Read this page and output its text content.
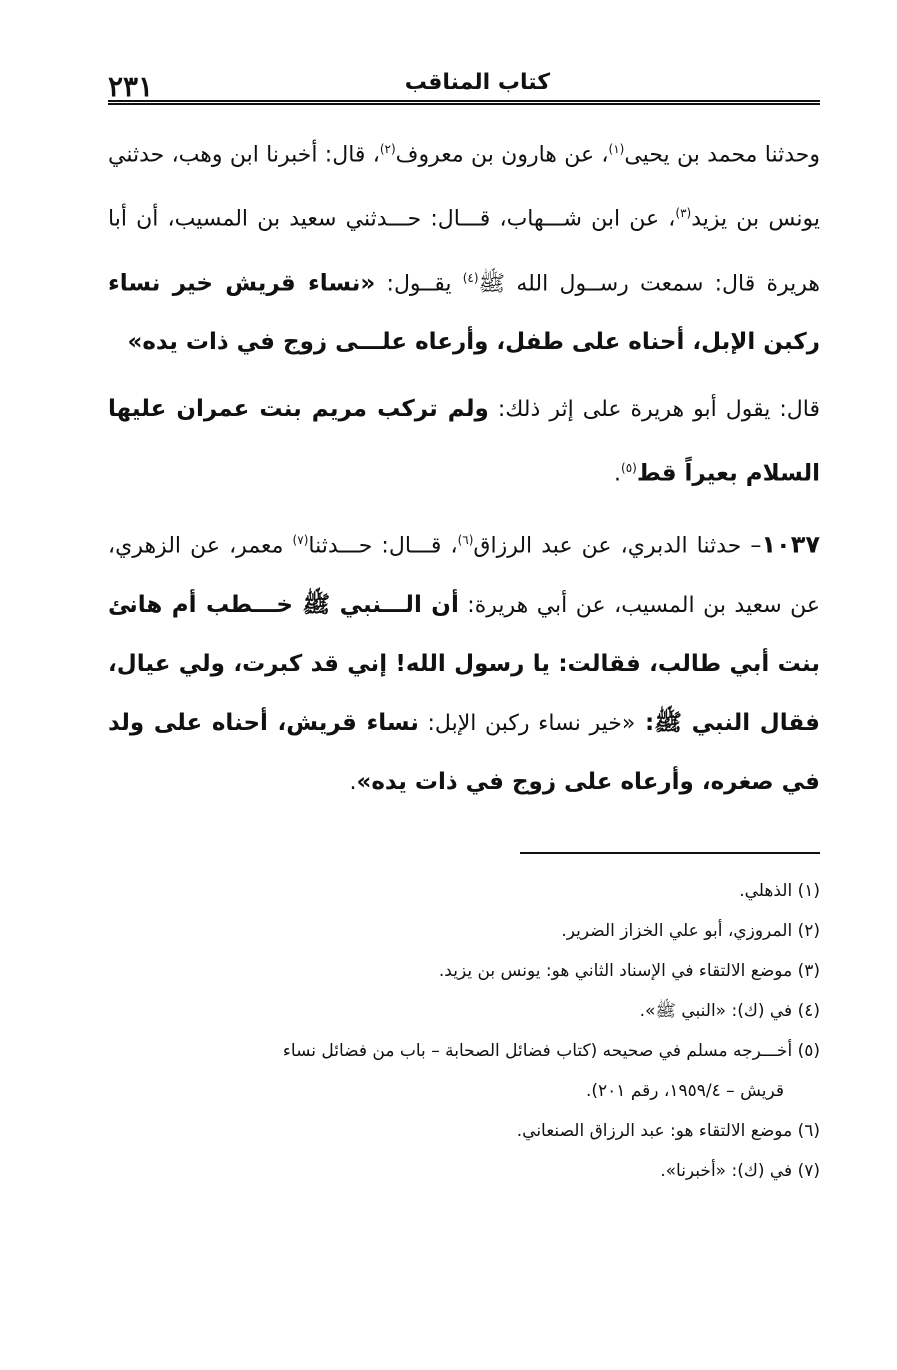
٢٣١	كتاب المناقب

وحدثنا محمد بن يحيى$^{(١)}$، عن هارون بن معروف$^{(٢)}$، قال: أخبرنا ابن وهب، حدثني يونس بن يزيد$^{(٣)}$، عن ابن شـــهاب، قـــال: حـــدثني سعيد بن المسيب، أن أبا هريرة قال: سمعت رســول الله ﷺ$^{(٤)}$ يقــول: «نساء قريش خير نساء ركبن الإبل، أحناه على طفل، وأرعاه علـــى زوج في ذات يده»

قال: يقول أبو هريرة على إثر ذلك: ولم تركب مريم بنت عمران عليها السلام بعيراً قط$^{(٥)}$.

١٠٣٧– حدثنا الدبري، عن عبد الرزاق$^{(٦)}$، قـــال: حـــدثنا$^{(٧)}$ معمر، عن الزهري، عن سعيد بن المسيب، عن أبي هريرة: أن الـــنبي ﷺ خـــطب أم هانئ بنت أبي طالب، فقالت: يا رسول الله! إني قد كبرت، ولي عيال، فقال النبي ﷺ: «خير نساء ركبن الإبل: نساء قريش، أحناه على ولد في صغره، وأرعاه على زوج في ذات يده».

(١) الذهلي.
(٢) المروزي، أبو علي الخزاز الضرير.
(٣) موضع الالتقاء في الإسناد الثاني هو: يونس بن يزيد.
(٤) في (ك): «النبي ﷺ».
(٥) أخـــرجه مسلم في صحيحه (كتاب فضائل الصحابة – باب من فضائل نساء
قريش – ١٩٥٩/٤، رقم ٢٠١).
(٦) موضع الالتقاء هو: عبد الرزاق الصنعاني.
(٧) في (ك): «أخبرنا».
